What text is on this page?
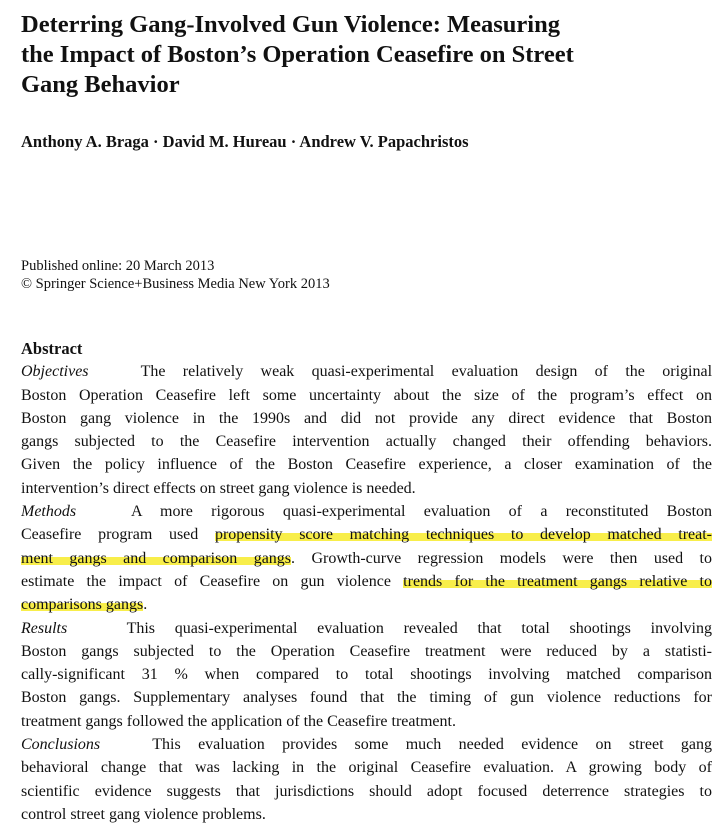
Deterring Gang-Involved Gun Violence: Measuring
the Impact of Boston’s Operation Ceasefire on Street
Gang Behavior
Anthony A. Braga · David M. Hureau · Andrew V. Papachristos
Published online: 20 March 2013
© Springer Science+Business Media New York 2013
Abstract
Objectives	The relatively weak quasi-experimental evaluation design of the original
Boston Operation Ceasefire left some uncertainty about the size of the program’s effect on
Boston gang violence in the 1990s and did not provide any direct evidence that Boston
gangs subjected to the Ceasefire intervention actually changed their offending behaviors.
Given the policy influence of the Boston Ceasefire experience, a closer examination of the
intervention’s direct effects on street gang violence is needed.
Methods	A more rigorous quasi-experimental evaluation of a reconstituted Boston
Ceasefire program used propensity score matching techniques to develop matched treat-
ment gangs and comparison gangs. Growth-curve regression models were then used to
estimate the impact of Ceasefire on gun violence trends for the treatment gangs relative to
comparisons gangs.
Results	This quasi-experimental evaluation revealed that total shootings involving
Boston gangs subjected to the Operation Ceasefire treatment were reduced by a statisti-
cally-significant 31 % when compared to total shootings involving matched comparison
Boston gangs. Supplementary analyses found that the timing of gun violence reductions for
treatment gangs followed the application of the Ceasefire treatment.
Conclusions	This evaluation provides some much needed evidence on street gang
behavioral change that was lacking in the original Ceasefire evaluation. A growing body of
scientific evidence suggests that jurisdictions should adopt focused deterrence strategies to
control street gang violence problems.
